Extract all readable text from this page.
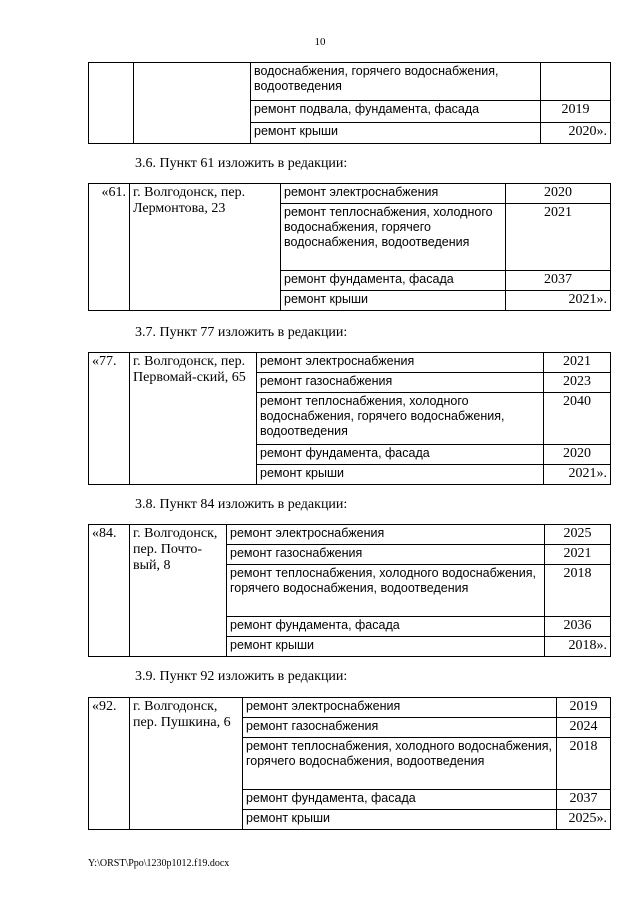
10
		водоснабжения, горячего водоснабжения, водоотведения	
		ремонт подвала, фундамента, фасада	2019
		ремонт крыши	2020».
3.6. Пункт 61 изложить в редакции:
«61.	г. Волгодонск, пер. Лермонтова, 23	ремонт электроснабжения	2020
		ремонт теплоснабжения, холодного водоснабжения, горячего водоснабжения, водоотведения	2021
		ремонт фундамента, фасада	2037
		ремонт крыши	2021».
3.7. Пункт 77 изложить в редакции:
«77.	г. Волгодонск, пер. Первомай-ский, 65	ремонт электроснабжения	2021
		ремонт газоснабжения	2023
		ремонт теплоснабжения, холодного водоснабжения, горячего водоснабжения, водоотведения	2040
		ремонт фундамента, фасада	2020
		ремонт крыши	2021».
3.8. Пункт 84 изложить в редакции:
«84.	г. Волгодонск, пер. Почто-вый, 8	ремонт электроснабжения	2025
		ремонт газоснабжения	2021
		ремонт теплоснабжения, холодного водоснабжения, горячего водоснабжения, водоотведения	2018
		ремонт фундамента, фасада	2036
		ремонт крыши	2018».
3.9. Пункт 92 изложить в редакции:
«92.	г. Волгодонск, пер. Пушкина, 6	ремонт электроснабжения	2019
		ремонт газоснабжения	2024
		ремонт теплоснабжения, холодного водоснабжения, горячего водоснабжения, водоотведения	2018
		ремонт фундамента, фасада	2037
		ремонт крыши	2025».
Y:\ORST\Ppo\1230p1012.f19.docx
